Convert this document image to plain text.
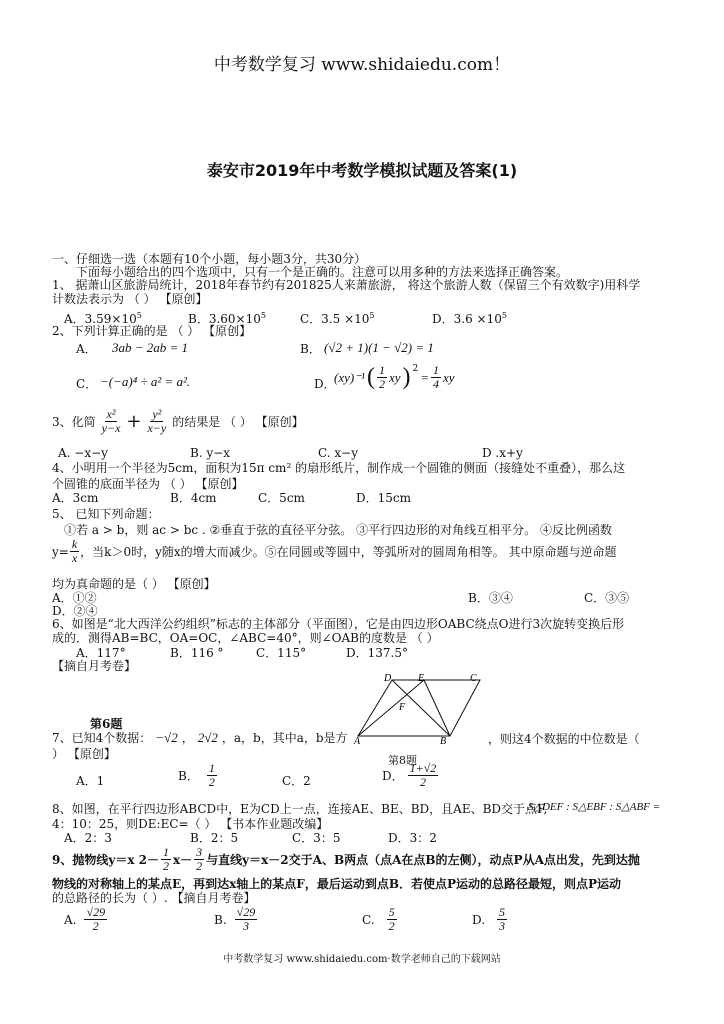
中考数学复习 www.shidaiedu.com！
泰安市2019年中考数学模拟试题及答案(1)
一、仔细选一选（本题有10个小题，每小题3分，共30分）
下面每小题给出的四个选项中，只有一个是正确的。注意可以用多种的方法来选择正确答案。
1、 据萧山区旅游局统计，2018年春节约有201825人来萧旅游， 将这个旅游人数（保留三个有效数字)用科学
计数法表示为 （ ） 【原创】
A．$3.59\times 10^5$	B．$3.60\times 10^5$	C．$3.5 \times 10^5$	D．$3.6 \times 10^5$
2、下列计算正确的是 （ ） 【原创】
A． 3ab − 2ab = 1	B． (√2 + 1)(1 − √2) = 1
C． −(−a)⁴ ÷ a² = a².	D．
(xy)⁻¹ ( $\frac{1}{2}$ xy )$^2$
= $\frac{1}{4}$ xy
3、化简 $\frac{\text{x²}}{y-x} + \frac{\text{y²}}{x-y}$ 的结果是 （ ） 【原创】
A. −x−y	B. y−x	C. x−y	D .x+y
4、小明用一个半径为5cm，面积为15π cm² 的扇形纸片，制作成一个圆锥的侧面（接缝处不重叠），那么这
个圆锥的底面半径为 （ ） 【原创】
A．3cm	B．4cm	C．5cm	D．15cm
5、 已知下列命题：
①若 a > b，则 ac > bc . ②垂直于弦的直径平分弦。 ③平行四边形的对角线互相平分。 ④反比例函数
$y= \frac{k}{x}$ ，当k＞0时，y随x的增大而减少。⑤在同圆或等圆中，等弧所对的圆周角相等。 其中原命题与逆命题
均为真命题的是（ ） 【原创】
A．①②	B．③④	C．③⑤
D．②④
6、如图是“北大西洋公约组织”标志的主体部分（平面图），它是由四边形OABC绕点O进行3次旋转变换后形
成的．测得AB=BC，OA=OC，∠ABC=40°，则∠OAB的度数是 （ ）
A．117°	B．116 °	C．115°	D．137.5°
【摘自月考卷】
第6题
D	E	C
F
A	B
第8题
7、已知4个数据： −√2 ， 2√2 ，a，b，其中a，b是方	，则这4个数据的中位数是（
） 【原创】
A．1	B． $\frac{1}{2}$	C．2	D． $\frac{1+√2}{2}$
8、如图，在平行四边形ABCD中，E为CD上一点，连接AE、BE、BD，且AE、BD交于点F,
S△DEF : S△EBF : S△ABF =
4：10：25，则DE:EC=（ ） 【书本作业题改编】
A．2：3	B．2：5	C．3：5	D．3：2
9、抛物线y＝x $2- \frac{1}{2} x- \frac{3}{2}$ 与直线y＝x－2交于A、B两点（点A在点B的左侧），动点P从A点出发，先到达抛
物线的对称轴上的某点E，再到达x轴上的某点F，最后运动到点B．若使点P运动的总路径最短，则点P运动
的总路径的长为（ ）. 【摘自月考卷】
A. $\frac{√29}{2}$	B. $\frac{√29}{3}$	C. $\frac{5}{2}$	D. $\frac{5}{3}$
中考数学复习 www.shidaiedu.com·数学老师自己的下载网站
